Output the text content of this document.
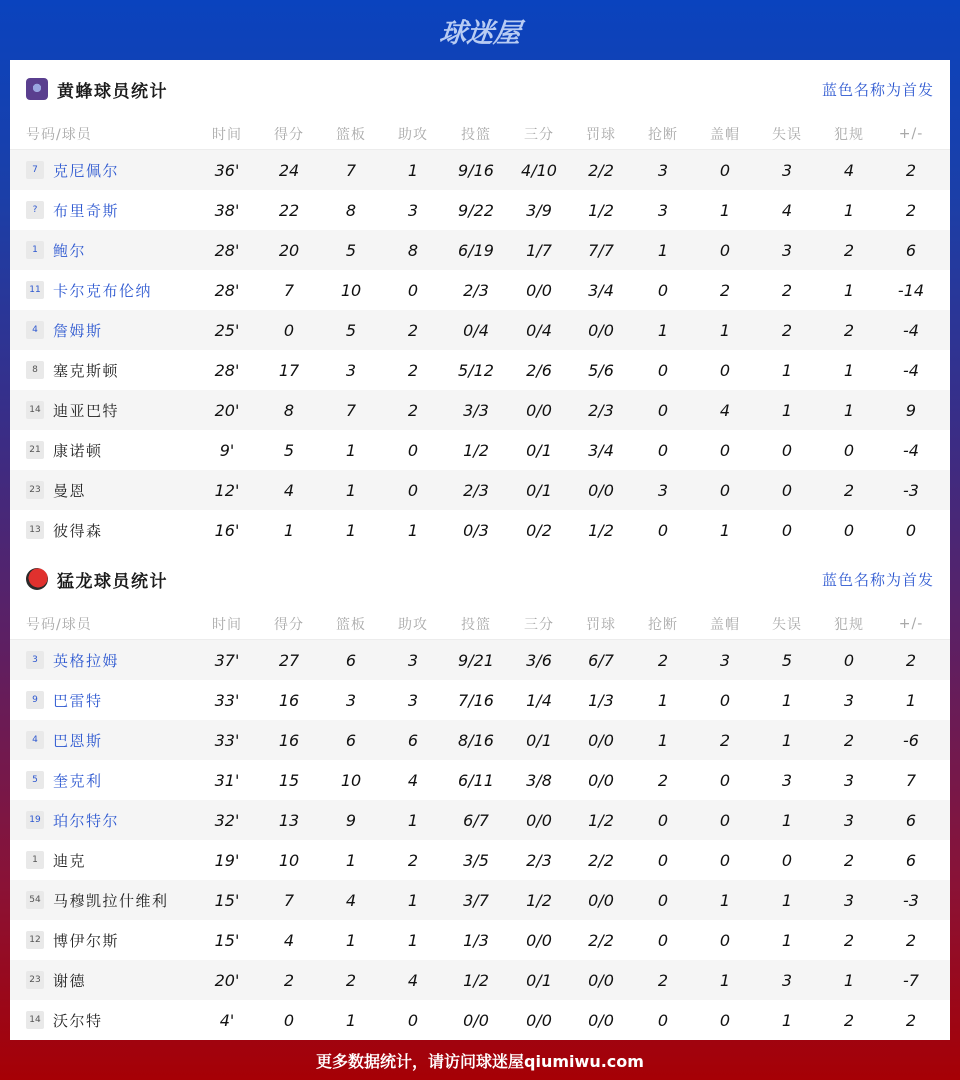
球迷屋
黄蜂球员统计	蓝色名称为首发
号码/球员	时间	得分	篮板	助攻	投篮	三分	罚球	抢断	盖帽	失误	犯规	+/-
7	克尼佩尔	36'	24	7	1	9/16	4/10	2/2	3	0	3	4	2
?	布里奇斯	38'	22	8	3	9/22	3/9	1/2	3	1	4	1	2
1	鲍尔	28'	20	5	8	6/19	1/7	7/7	1	0	3	2	6
11 卡尔克布伦纳	28'	7	10	0	2/3	0/0	3/4	0	2	2	1	-14
4	詹姆斯	25'	0	5	2	0/4	0/4	0/0	1	1	2	2	-4
8	塞克斯顿	28'	17	3	2	5/12	2/6	5/6	0	0	1	1	-4
14 迪亚巴特	20'	8	7	2	3/3	0/0	2/3	0	4	1	1	9
21 康诺顿	9'	5	1	0	1/2	0/1	3/4	0	0	0	0	-4
23 曼恩	12'	4	1	0	2/3	0/1	0/0	3	0	0	2	-3
13 彼得森	16'	1	1	1	0/3	0/2	1/2	0	1	0	0	0
猛龙球员统计	蓝色名称为首发
号码/球员	时间	得分	篮板	助攻	投篮	三分	罚球	抢断	盖帽	失误	犯规	+/-
3	英格拉姆	37'	27	6	3	9/21	3/6	6/7	2	3	5	0	2
9	巴雷特	33'	16	3	3	7/16	1/4	1/3	1	0	1	3	1
4	巴恩斯	33'	16	6	6	8/16	0/1	0/0	1	2	1	2	-6
5	奎克利	31'	15	10	4	6/11	3/8	0/0	2	0	3	3	7
19 珀尔特尔	32'	13	9	1	6/7	0/0	1/2	0	0	1	3	6
1	迪克	19'	10	1	2	3/5	2/3	2/2	0	0	0	2	6
54 马穆凯拉什维利	15'	7	4	1	3/7	1/2	0/0	0	1	1	3	-3
12 博伊尔斯	15'	4	1	1	1/3	0/0	2/2	0	0	1	2	2
23 谢德	20'	2	2	4	1/2	0/1	0/0	2	1	3	1	-7
14 沃尔特	4'	0	1	0	0/0	0/0	0/0	0	0	1	2	2
更多数据统计，请访问球迷屋qiumiwu.com
